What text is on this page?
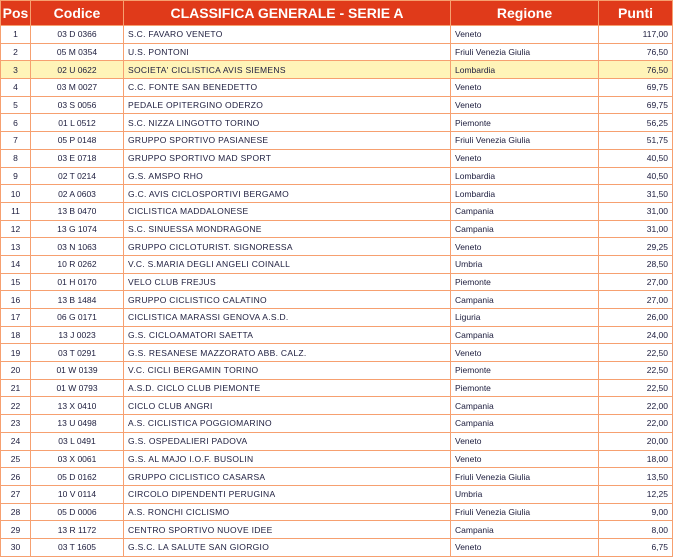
Pos	Codice	CLASSIFICA GENERALE - SERIE A	Regione	Punti
1	03 D 0366	S.C. FAVARO VENETO	Veneto	117,00
2	05 M 0354	U.S. PONTONI	Friuli Venezia Giulia	76,50
3	02 U 0622	SOCIETA' CICLISTICA AVIS SIEMENS	Lombardia	76,50
4	03 M 0027	C.C. FONTE SAN BENEDETTO	Veneto	69,75
5	03 S 0056	PEDALE OPITERGINO ODERZO	Veneto	69,75
6	01 L 0512	S.C. NIZZA LINGOTTO TORINO	Piemonte	56,25
7	05 P 0148	GRUPPO SPORTIVO PASIANESE	Friuli Venezia Giulia	51,75
8	03 E 0718	GRUPPO SPORTIVO MAD SPORT	Veneto	40,50
9	02 T 0214	G.S. AMSPO RHO	Lombardia	40,50
10	02 A 0603	G.C. AVIS CICLOSPORTIVI BERGAMO	Lombardia	31,50
11	13 B 0470	CICLISTICA MADDALONESE	Campania	31,00
12	13 G 1074	S.C. SINUESSA MONDRAGONE	Campania	31,00
13	03 N 1063	GRUPPO CICLOTURIST. SIGNORESSA	Veneto	29,25
14	10 R 0262	V.C. S.MARIA DEGLI ANGELI COINALL	Umbria	28,50
15	01 H 0170	VELO CLUB FREJUS	Piemonte	27,00
16	13 B 1484	GRUPPO CICLISTICO CALATINO	Campania	27,00
17	06 G 0171	CICLISTICA MARASSI GENOVA A.S.D.	Liguria	26,00
18	13 J 0023	G.S. CICLOAMATORI SAETTA	Campania	24,00
19	03 T 0291	G.S. RESANESE MAZZORATO ABB. CALZ.	Veneto	22,50
20	01 W 0139	V.C. CICLI BERGAMIN TORINO	Piemonte	22,50
21	01 W 0793	A.S.D. CICLO CLUB PIEMONTE	Piemonte	22,50
22	13 X 0410	CICLO CLUB ANGRI	Campania	22,00
23	13 U 0498	A.S. CICLISTICA POGGIOMARINO	Campania	22,00
24	03 L 0491	G.S. OSPEDALIERI PADOVA	Veneto	20,00
25	03 X 0061	G.S. AL MAJO I.O.F. BUSOLIN	Veneto	18,00
26	05 D 0162	GRUPPO CICLISTICO CASARSA	Friuli Venezia Giulia	13,50
27	10 V 0114	CIRCOLO DIPENDENTI PERUGINA	Umbria	12,25
28	05 D 0006	A.S. RONCHI CICLISMO	Friuli Venezia Giulia	9,00
29	13 R 1172	CENTRO SPORTIVO NUOVE IDEE	Campania	8,00
30	03 T 1605	G.S.C. LA SALUTE SAN GIORGIO	Veneto	6,75
